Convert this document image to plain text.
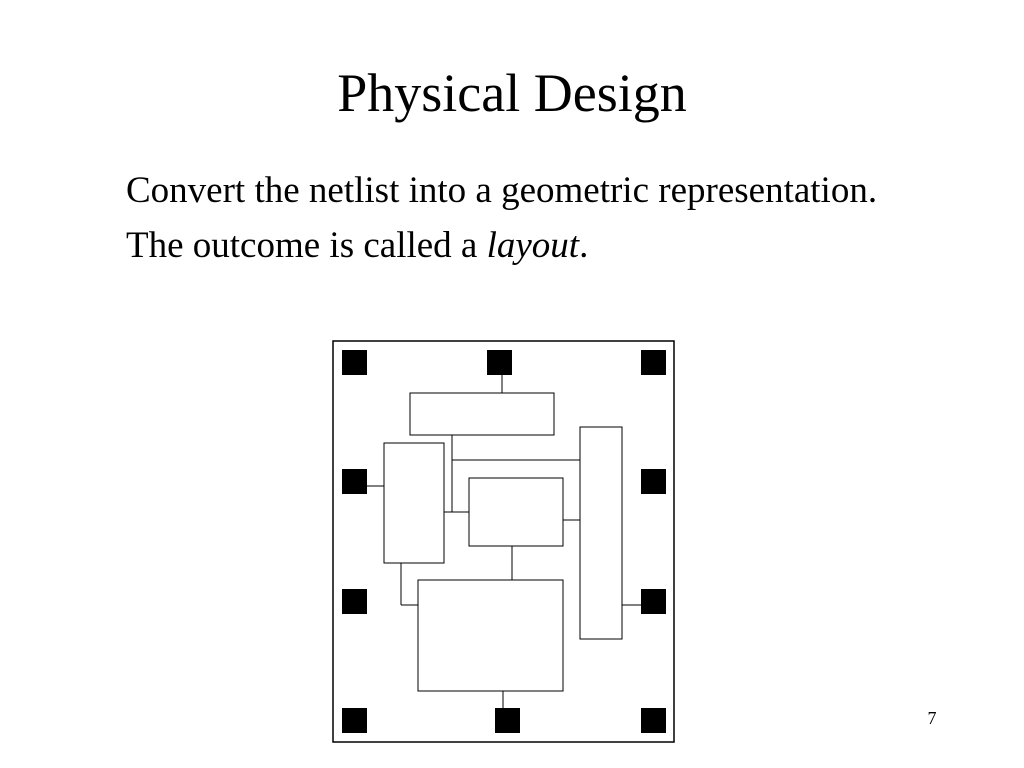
Physical Design

Convert the netlist into a geometric representation. The outcome is called a layout.

7
